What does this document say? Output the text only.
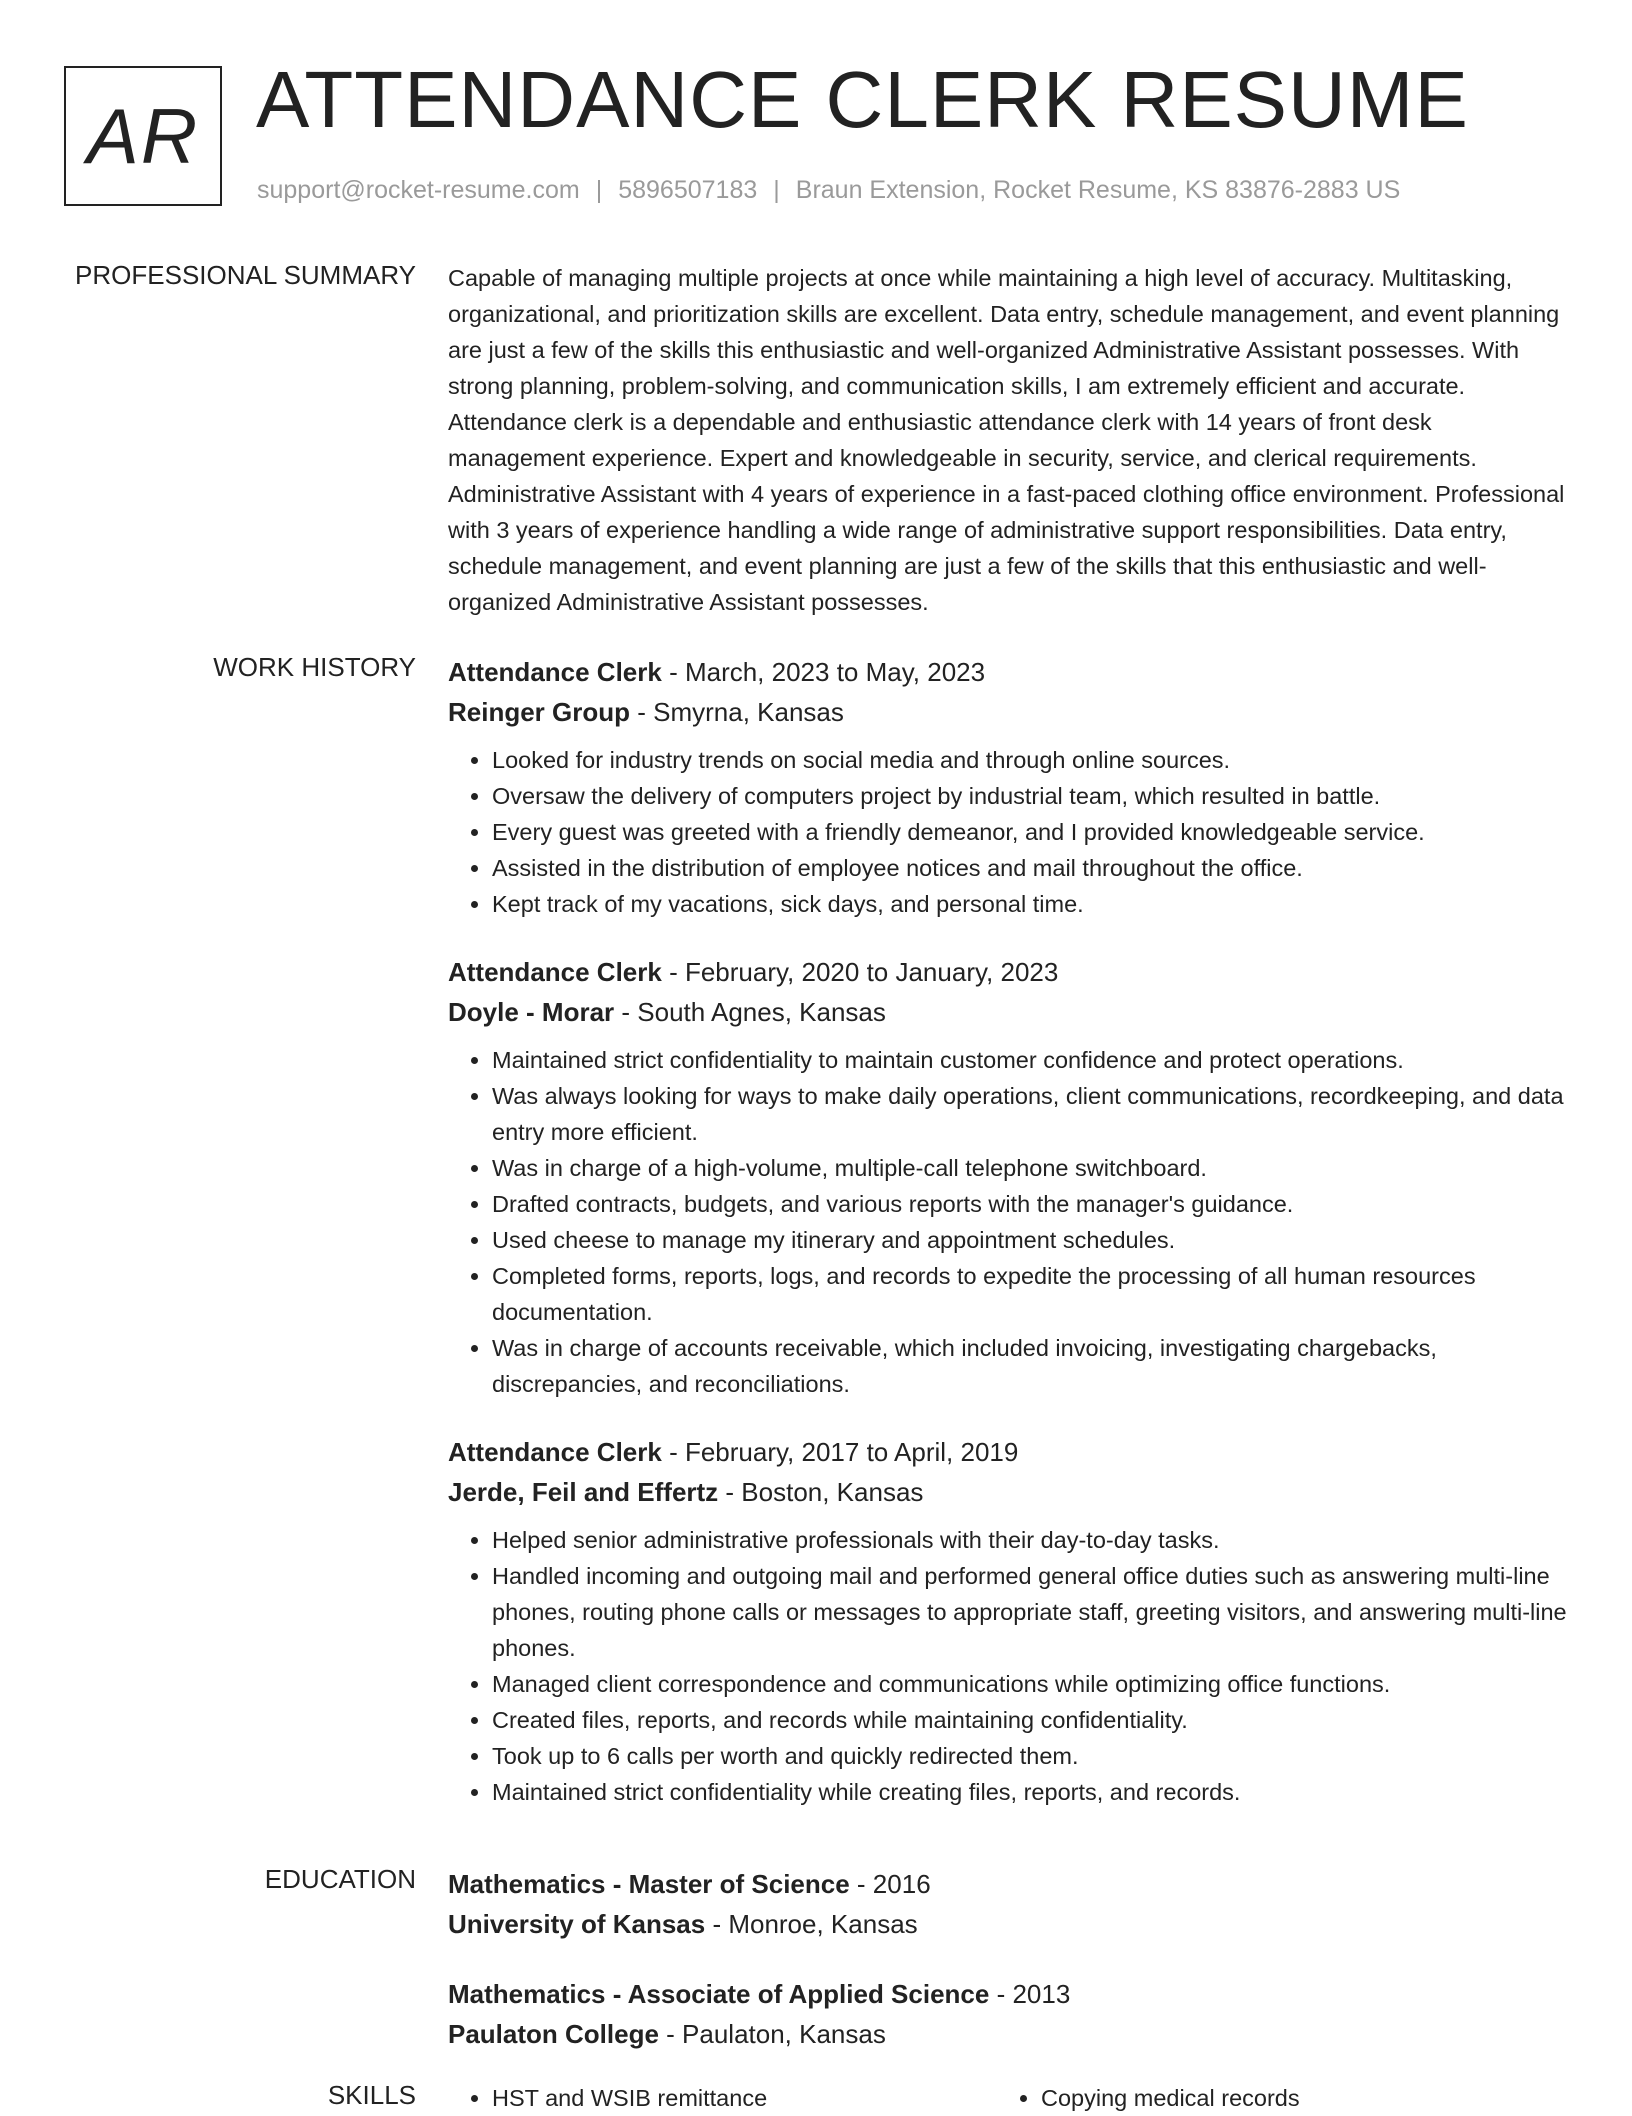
AR ATTENDANCE CLERK RESUME
support@rocket-resume.com | 5896507183 | Braun Extension, Rocket Resume, KS 83876-2883 US
PROFESSIONAL SUMMARY Capable of managing multiple projects at once while maintaining a high level of accuracy. Multitasking, organizational, and prioritization skills are excellent. Data entry, schedule management, and event planning are just a few of the skills this enthusiastic and well-organized Administrative Assistant possesses. With strong planning, problem-solving, and communication skills, I am extremely efficient and accurate. Attendance clerk is a dependable and enthusiastic attendance clerk with 14 years of front desk management experience. Expert and knowledgeable in security, service, and clerical requirements. Administrative Assistant with 4 years of experience in a fast-paced clothing office environment. Professional with 3 years of experience handling a wide range of administrative support responsibilities. Data entry, schedule management, and event planning are just a few of the skills that this enthusiastic and well-organized Administrative Assistant possesses.

WORK HISTORY Attendance Clerk - March, 2023 to May, 2023
Reinger Group - Smyrna, Kansas
• Looked for industry trends on social media and through online sources.
• Oversaw the delivery of computers project by industrial team, which resulted in battle.
• Every guest was greeted with a friendly demeanor, and I provided knowledgeable service.
• Assisted in the distribution of employee notices and mail throughout the office.
• Kept track of my vacations, sick days, and personal time.
Attendance Clerk - February, 2020 to January, 2023
Doyle - Morar - South Agnes, Kansas
• Maintained strict confidentiality to maintain customer confidence and protect operations.
• Was always looking for ways to make daily operations, client communications, recordkeeping, and data entry more efficient.
• Was in charge of a high-volume, multiple-call telephone switchboard.
• Drafted contracts, budgets, and various reports with the manager's guidance.
• Used cheese to manage my itinerary and appointment schedules.
• Completed forms, reports, logs, and records to expedite the processing of all human resources documentation.
• Was in charge of accounts receivable, which included invoicing, investigating chargebacks, discrepancies, and reconciliations.
Attendance Clerk - February, 2017 to April, 2019
Jerde, Feil and Effertz - Boston, Kansas
• Helped senior administrative professionals with their day-to-day tasks.
• Handled incoming and outgoing mail and performed general office duties such as answering multi-line phones, routing phone calls or messages to appropriate staff, greeting visitors, and answering multi-line phones.
• Managed client correspondence and communications while optimizing office functions.
• Created files, reports, and records while maintaining confidentiality.
• Took up to 6 calls per worth and quickly redirected them.
• Maintained strict confidentiality while creating files, reports, and records.
EDUCATION Mathematics - Master of Science - 2016
University of Kansas - Monroe, Kansas
Mathematics - Associate of Applied Science - 2013
Paulaton College - Paulaton, Kansas
SKILLS	• HST and WSIB remittance	• Copying medical records
